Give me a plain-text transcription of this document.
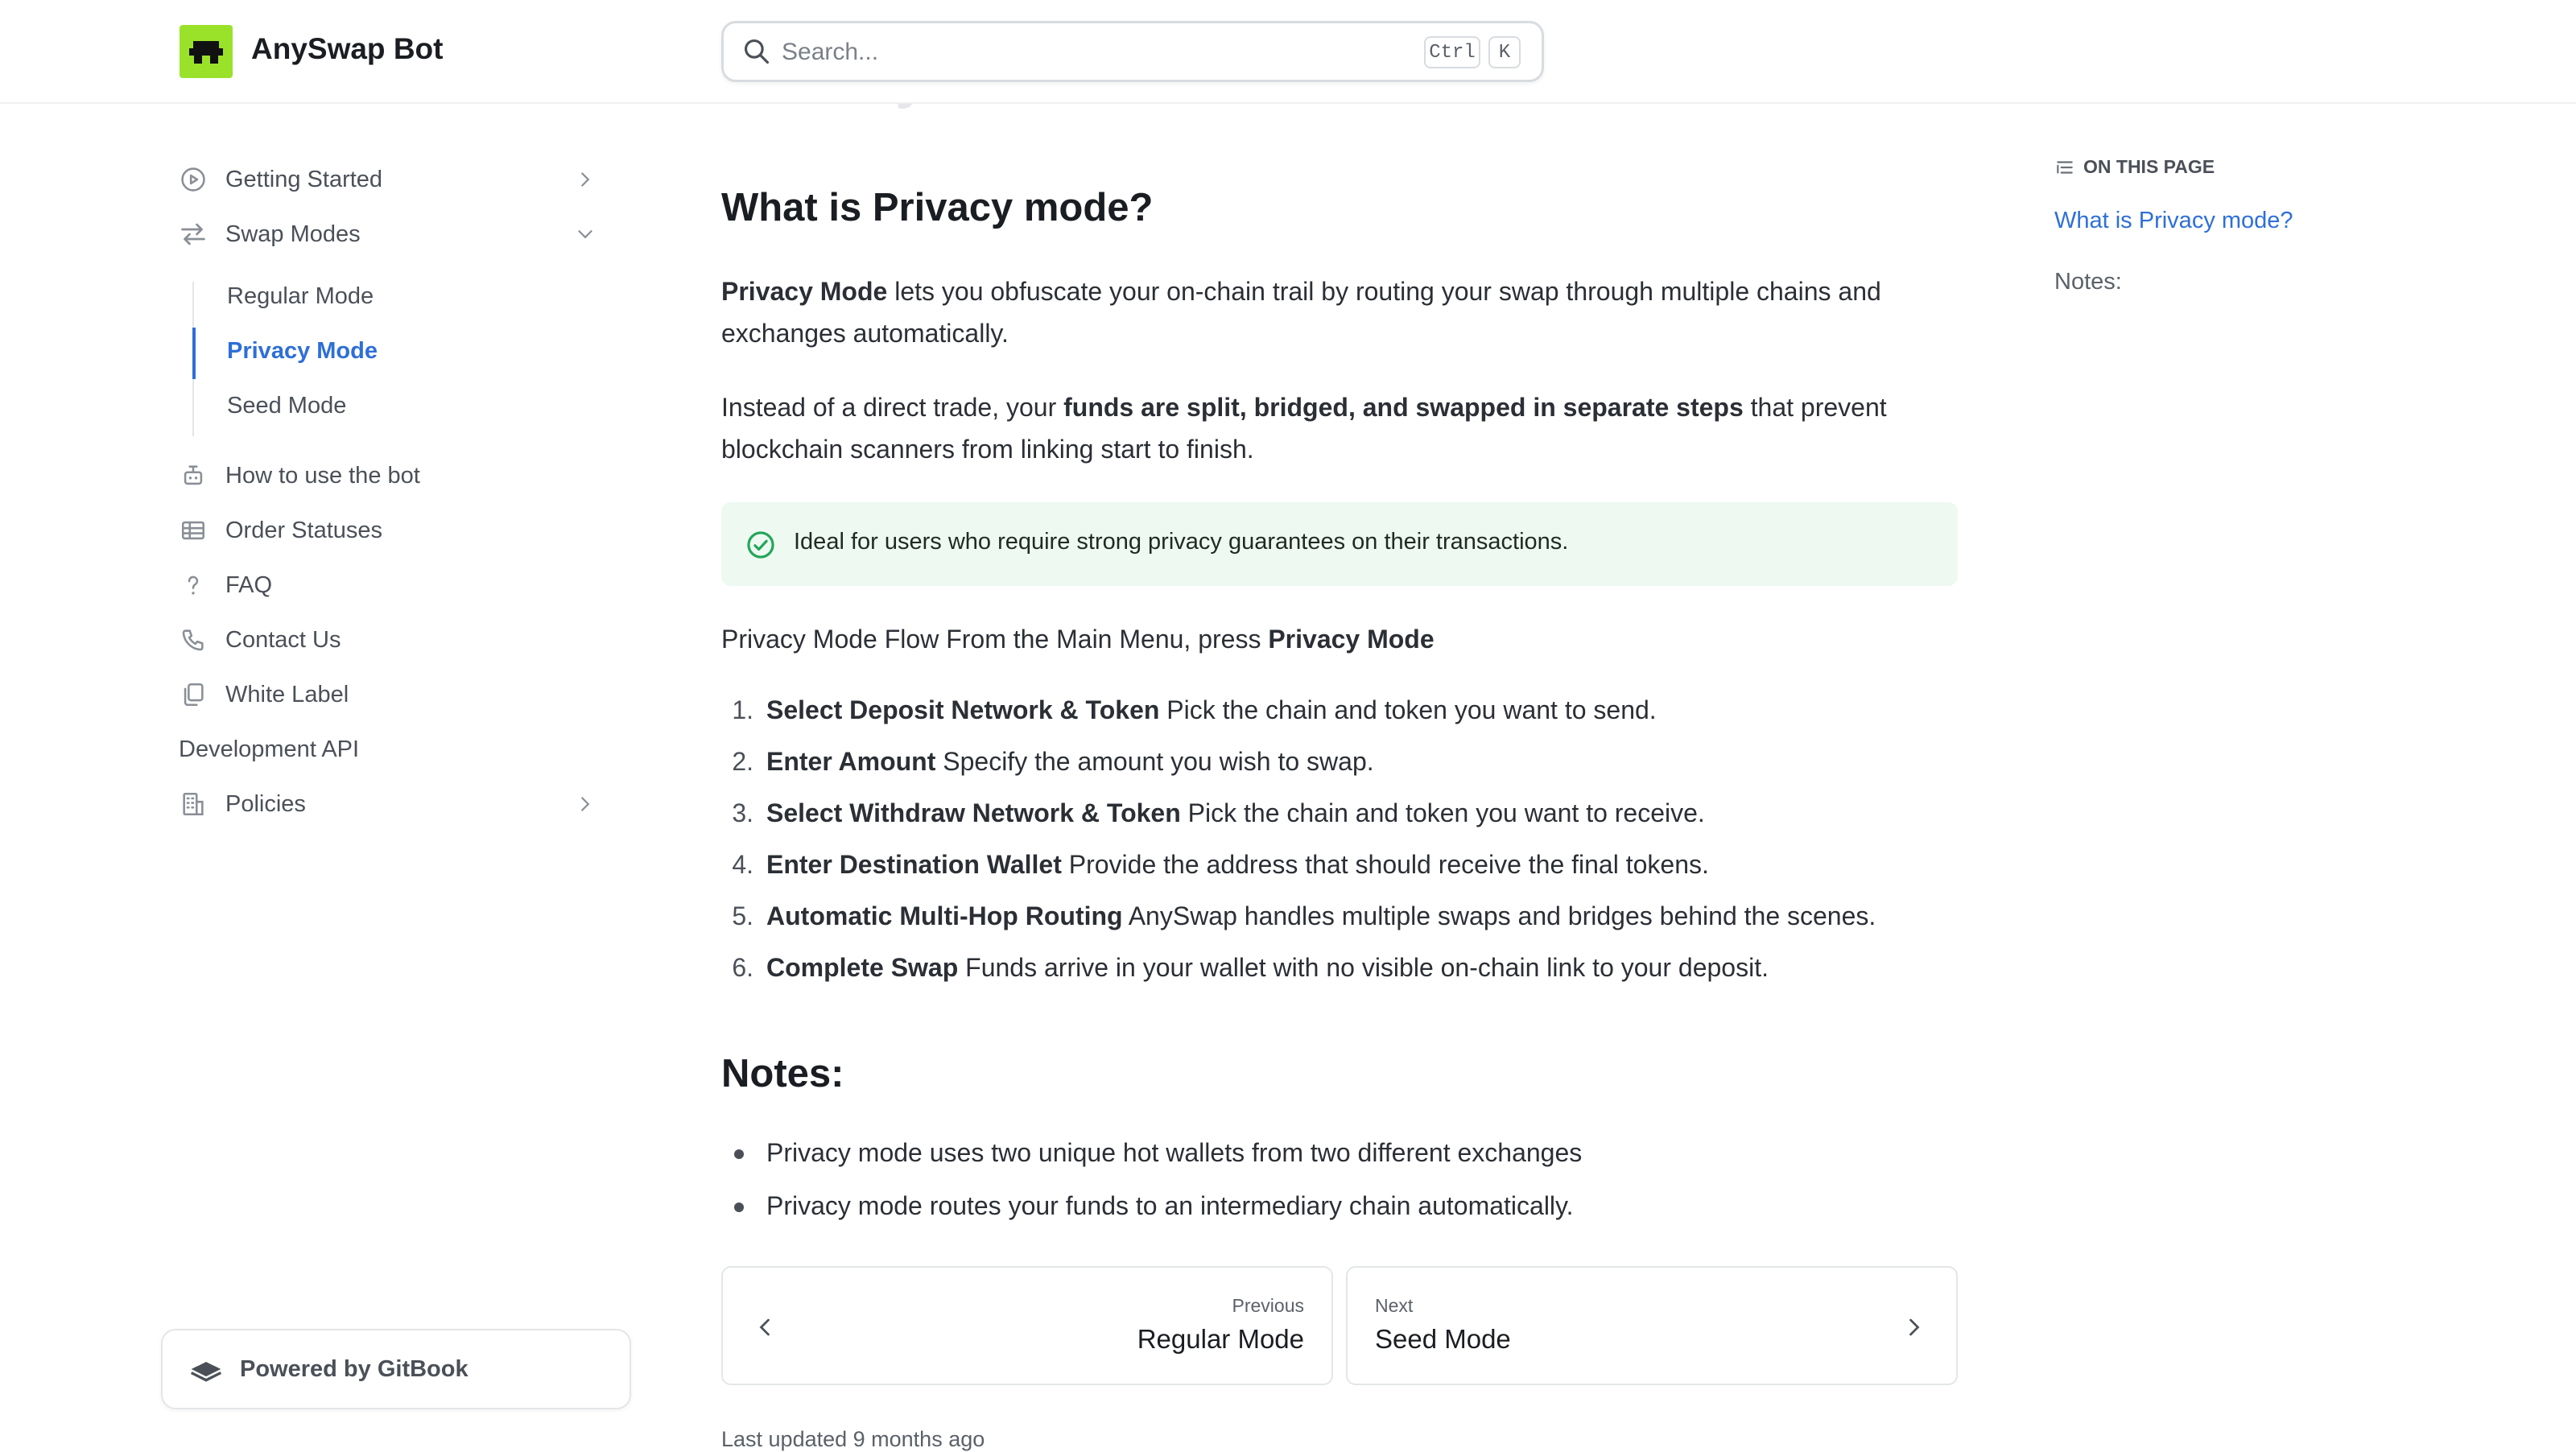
AnySwap Bot
Search...	Ctrl	K
Getting Started
Swap Modes
Regular Mode
Privacy Mode
Seed Mode
How to use the bot
Order Statuses
FAQ
Contact Us
White Label
Development API
Policies
Powered by GitBook
What is Privacy mode?
Privacy Mode lets you obfuscate your on-chain trail by routing your swap through multiple chains and exchanges automatically.
Instead of a direct trade, your funds are split, bridged, and swapped in separate steps that prevent blockchain scanners from linking start to finish.
Ideal for users who require strong privacy guarantees on their transactions.
Privacy Mode Flow From the Main Menu, press Privacy Mode
1. Select Deposit Network & Token Pick the chain and token you want to send.
2. Enter Amount Specify the amount you wish to swap.
3. Select Withdraw Network & Token Pick the chain and token you want to receive.
4. Enter Destination Wallet Provide the address that should receive the final tokens.
5. Automatic Multi-Hop Routing AnySwap handles multiple swaps and bridges behind the scenes.
6. Complete Swap Funds arrive in your wallet with no visible on-chain link to your deposit.
Notes:
Privacy mode uses two unique hot wallets from two different exchanges
Privacy mode routes your funds to an intermediary chain automatically.
Previous
Regular Mode
Next
Seed Mode
Last updated 9 months ago
ON THIS PAGE
What is Privacy mode?
Notes:
